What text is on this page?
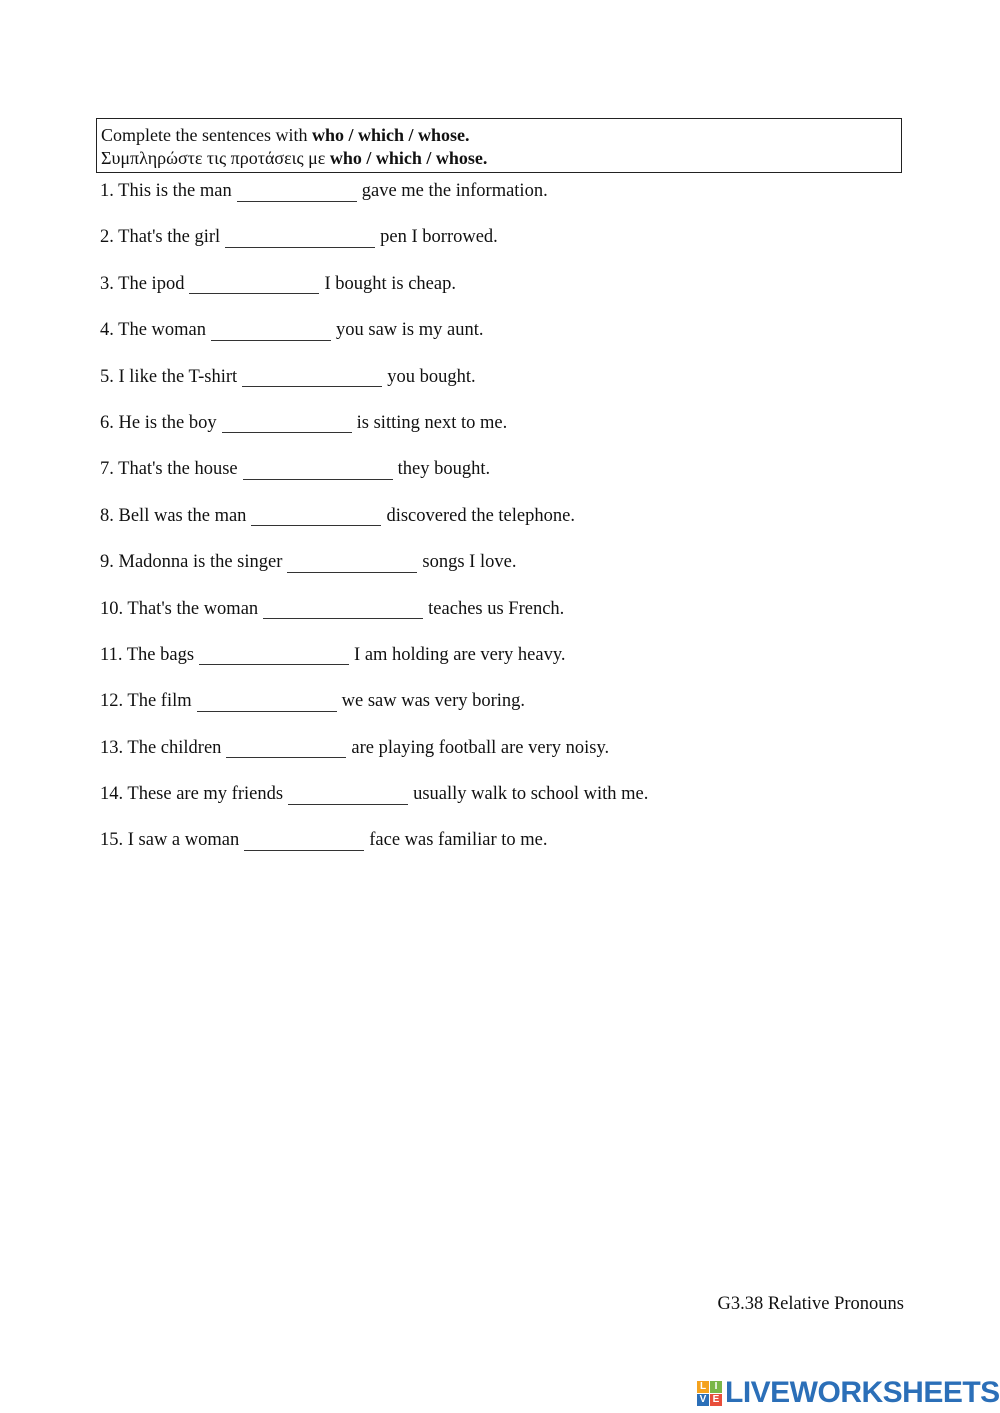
Complete the sentences with who / which / whose.
Συμπληρώστε τις προτάσεις με who / which / whose.
1. This is the man	gave me the information.
2. That's the girl	pen I borrowed.
3. The ipod	I bought is cheap.
4. The woman	you saw is my aunt.
5. I like the T-shirt	you bought.
6. He is the boy	is sitting next to me.
7. That's the house	they bought.
8. Bell was the man	discovered the telephone.
9. Madonna is the singer	songs I love.
10. That's the woman	teaches us French.
11. The bags	I am holding are very heavy.
12. The film	we saw was very boring.
13. The children	are playing football are very noisy.
14. These are my friends	usually walk to school with me.
15. I saw a woman	face was familiar to me.
G3.38 Relative Pronouns
L I
V E LIVEWORKSHEETS
